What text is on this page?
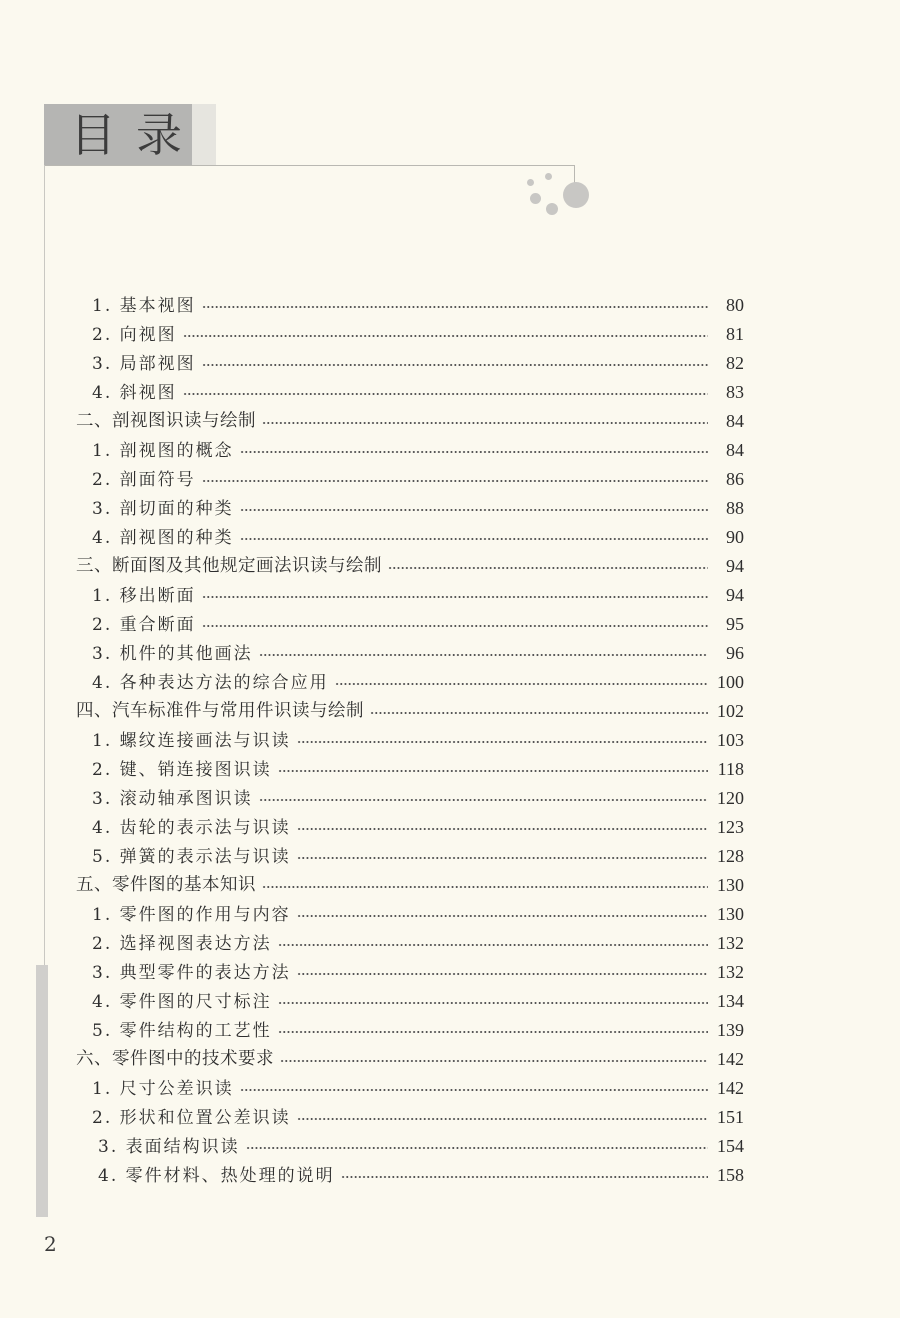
目录
1. 基本视图	80
2. 向视图	81
3. 局部视图	82
4. 斜视图	83
二、剖视图识读与绘制	84
1. 剖视图的概念	84
2. 剖面符号	86
3. 剖切面的种类	88
4. 剖视图的种类	90
三、断面图及其他规定画法识读与绘制	94
1. 移出断面	94
2. 重合断面	95
3. 机件的其他画法	96
4. 各种表达方法的综合应用	100
四、汽车标准件与常用件识读与绘制	102
1. 螺纹连接画法与识读	103
2. 键、销连接图识读	118
3. 滚动轴承图识读	120
4. 齿轮的表示法与识读	123
5. 弹簧的表示法与识读	128
五、零件图的基本知识	130
1. 零件图的作用与内容	130
2. 选择视图表达方法	132
3. 典型零件的表达方法	132
4. 零件图的尺寸标注	134
5. 零件结构的工艺性	139
六、零件图中的技术要求	142
1. 尺寸公差识读	142
2. 形状和位置公差识读	151
3. 表面结构识读	154
4. 零件材料、热处理的说明	158
2
